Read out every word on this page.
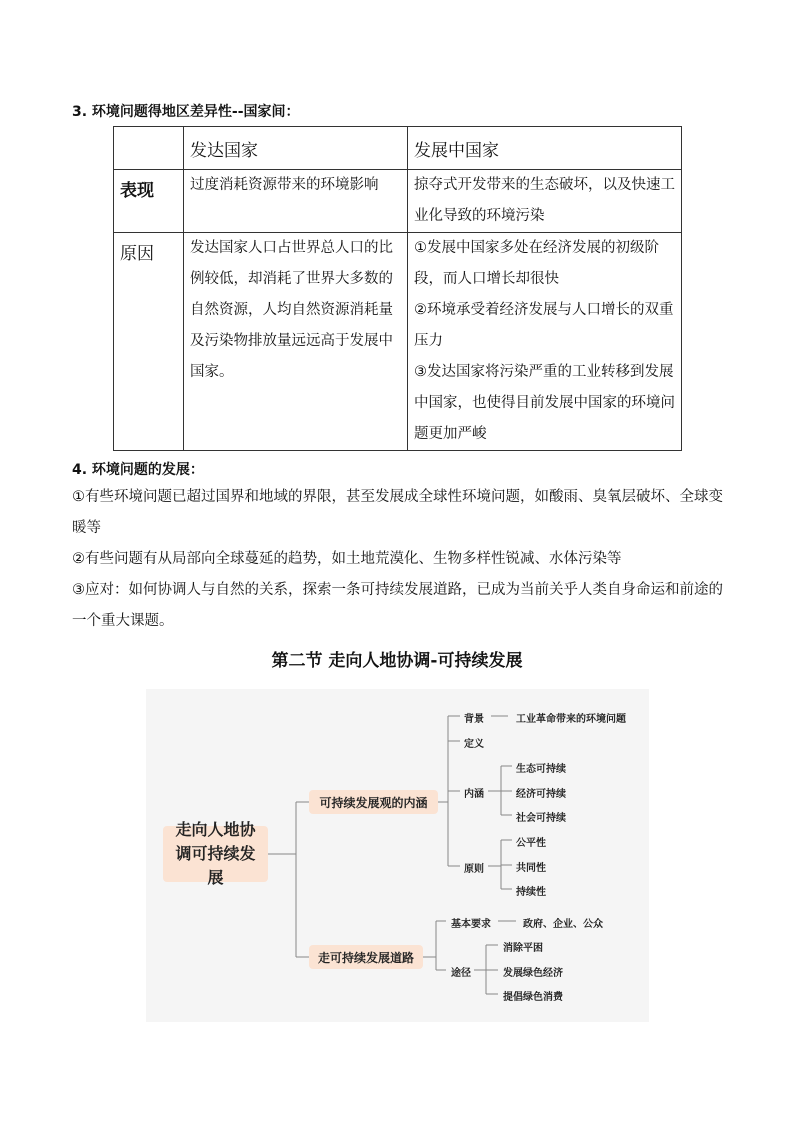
3. 环境问题得地区差异性--国家间：
	发达国家	发展中国家
表现	过度消耗资源带来的环境影响	掠夺式开发带来的生态破坏，以及快速工业化导致的环境污染

原因	发达国家人口占世界总人口的比例较低，却消耗了世界大多数的自然资源，人均自然资源消耗量及污染物排放量远远高于发展中国家。	①发展中国家多处在经济发展的初级阶段，而人口增长却很快

②环境承受着经济发展与人口增长的双重压力

③发达国家将污染严重的工业转移到发展中国家，也使得目前发展中国家的环境问题更加严峻

4. 环境问题的发展：

①有些环境问题已超过国界和地域的界限，甚至发展成全球性环境问题，如酸雨、臭氧层破坏、全球变暖等

②有些问题有从局部向全球蔓延的趋势，如土地荒漠化、生物多样性锐减、水体污染等

③应对：如何协调人与自然的关系，探索一条可持续发展道路，已成为当前关乎人类自身命运和前途的一个重大课题。

第二节 走向人地协调-可持续发展
走向人地协调可持续发展
可持续发展观的内涵
走可持续发展道路
背景	工业革命带来的环境问题
定义
内涵
生态可持续
经济可持续
社会可持续
原则
公平性
共同性
持续性
基本要求	政府、企业、公众
途径
消除平困
发展绿色经济
提倡绿色消费
